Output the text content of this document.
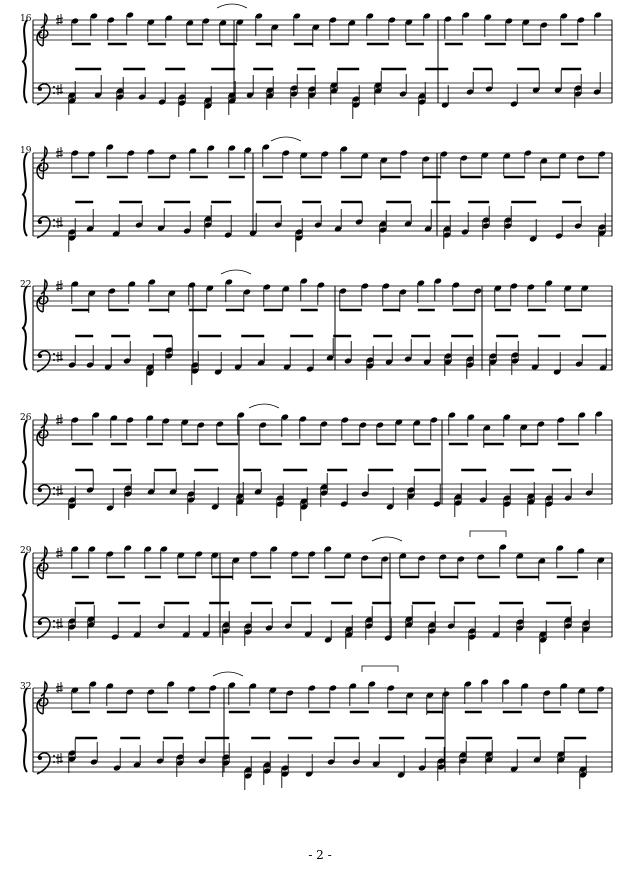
16
19
22
26
29
32
- 2 -
